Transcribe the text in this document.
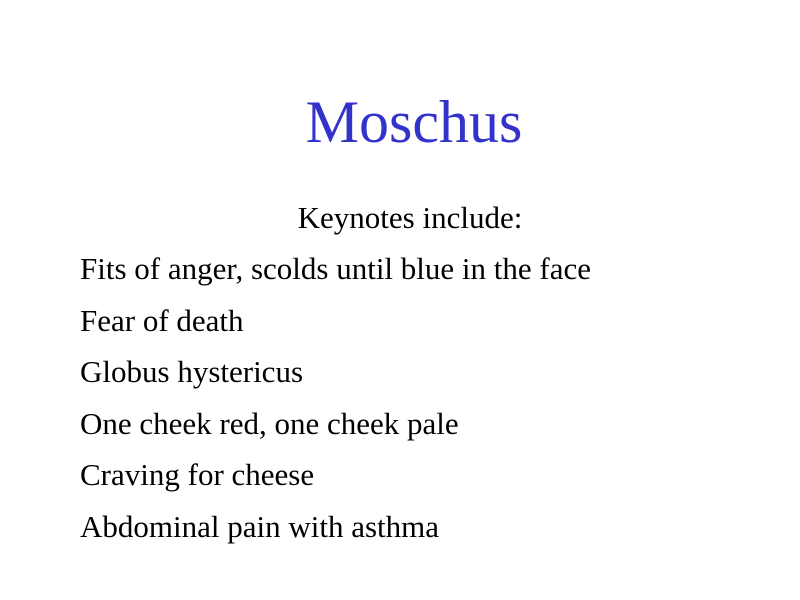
Moschus
Keynotes include:
Fits of anger, scolds until blue in the face
Fear of death
Globus hystericus
One cheek red, one cheek pale
Craving for cheese
Abdominal pain with asthma
